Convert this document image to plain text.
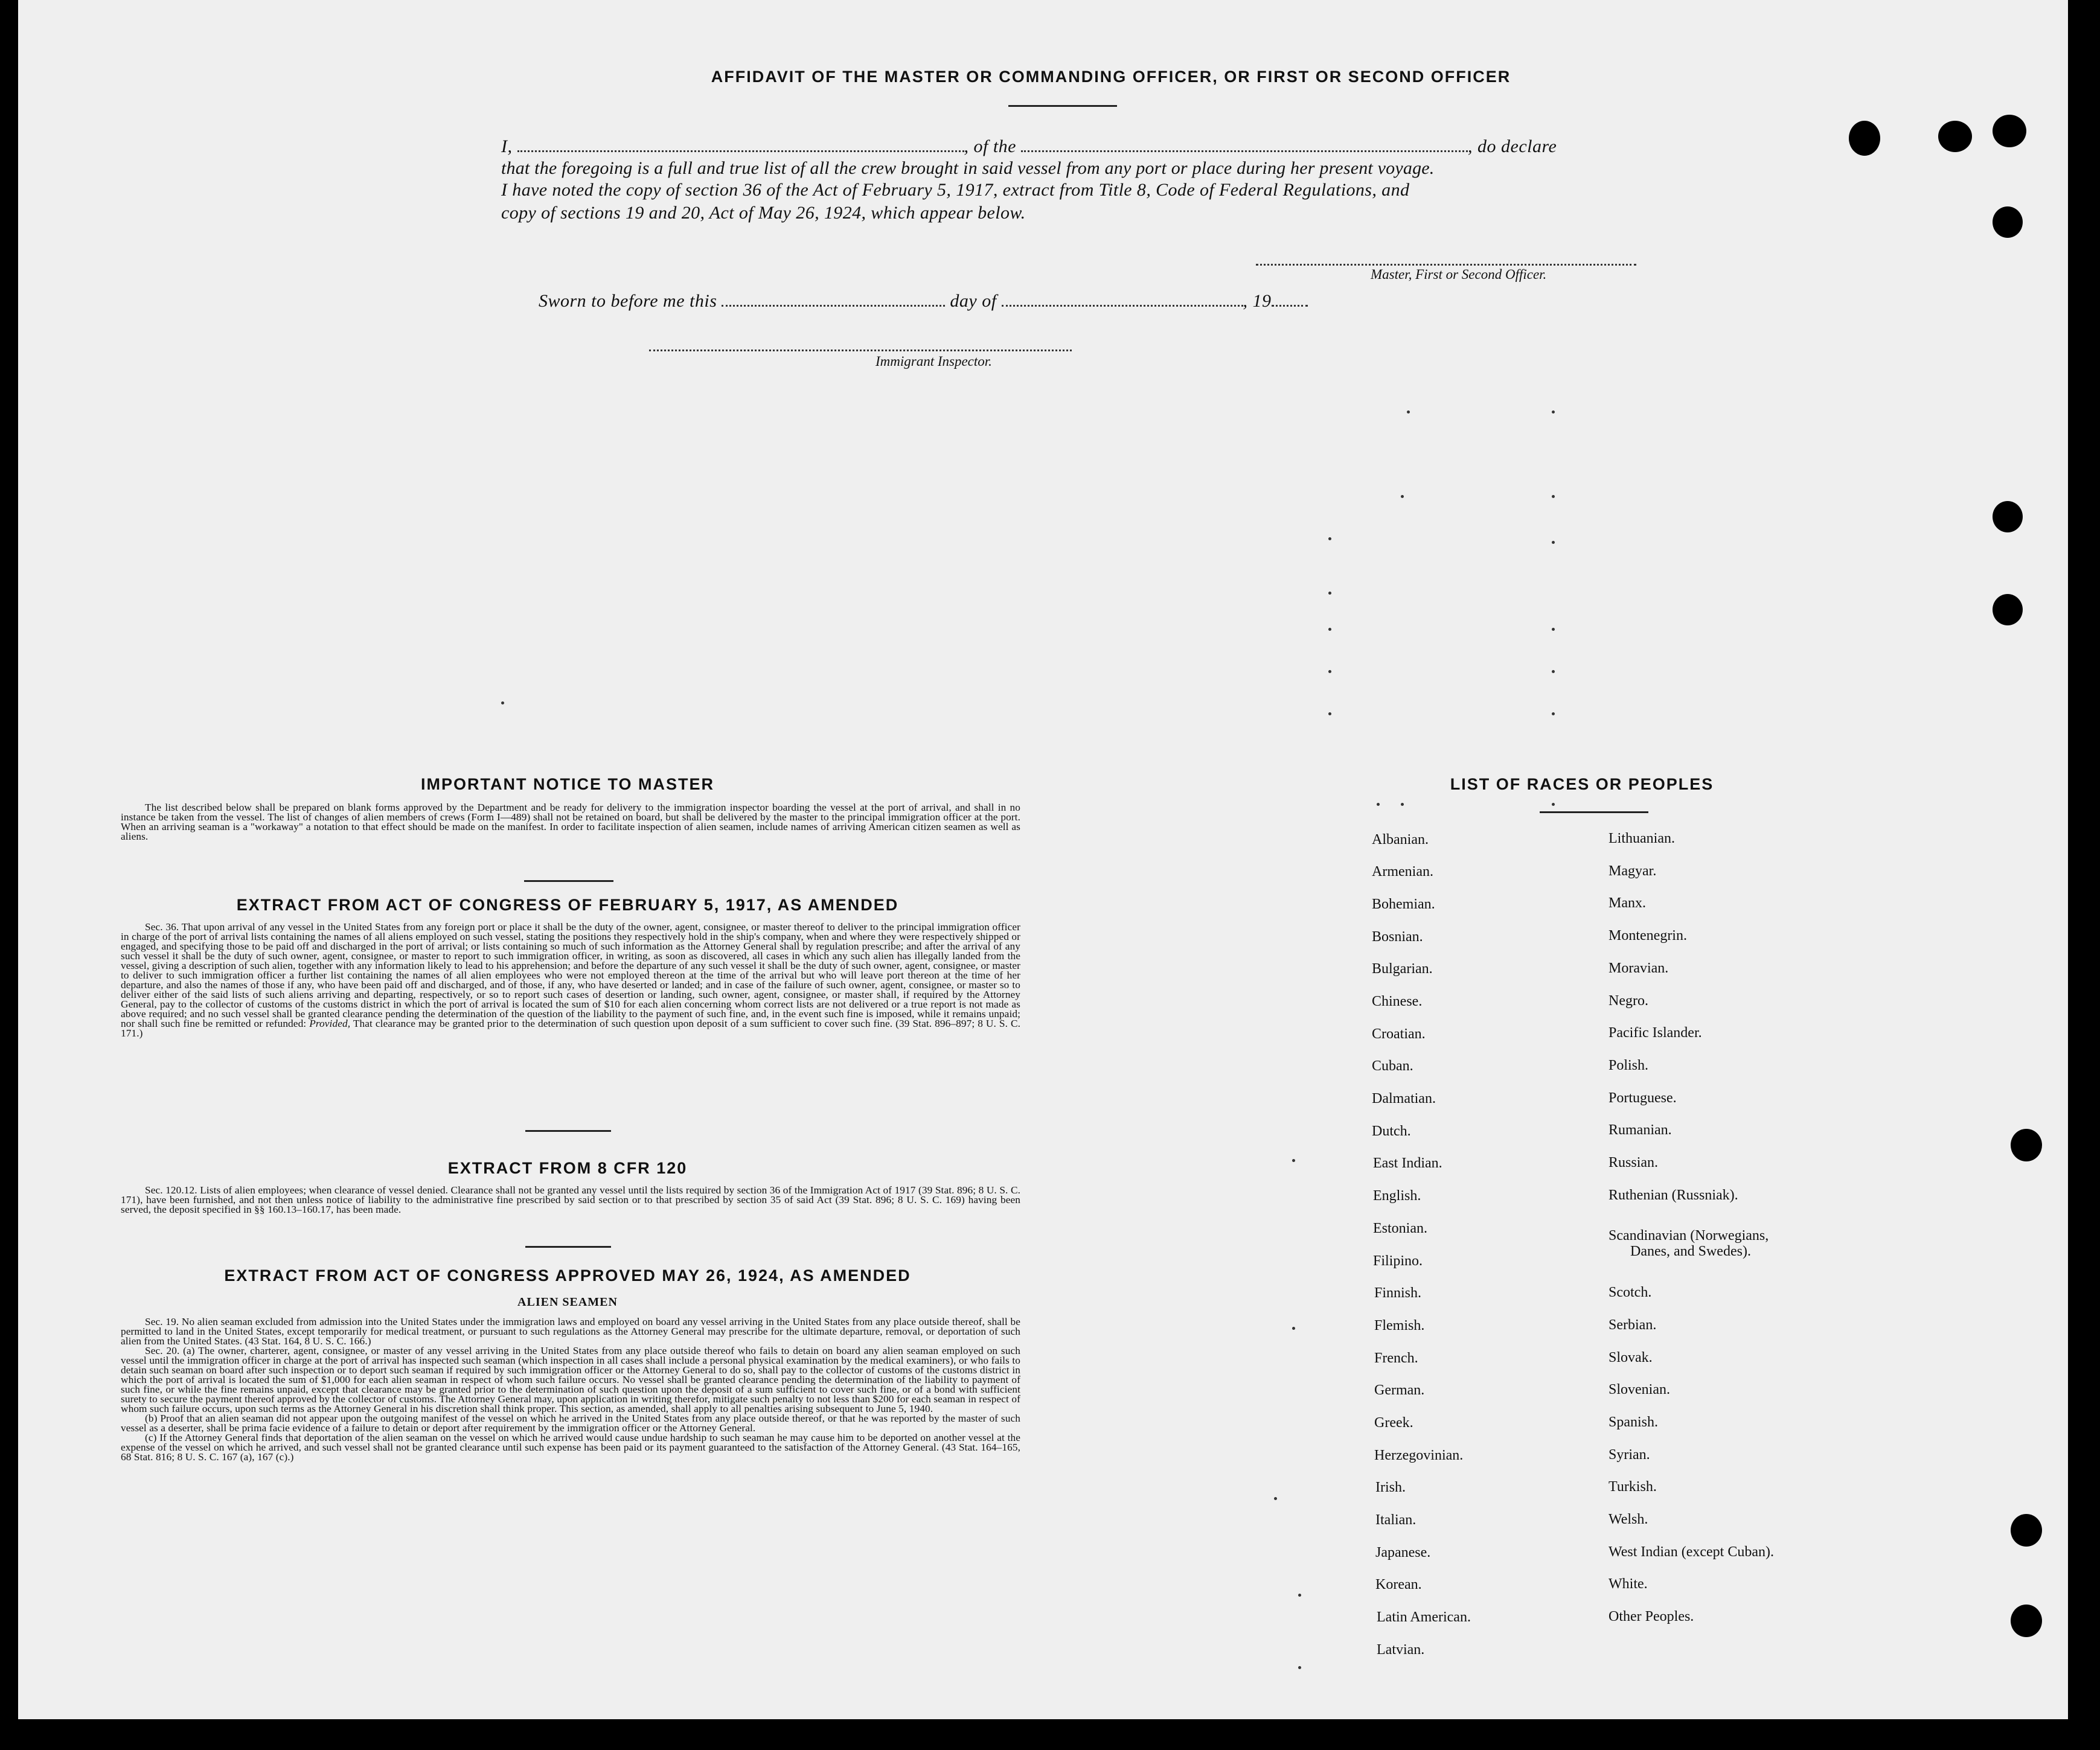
AFFIDAVIT OF THE MASTER OR COMMANDING OFFICER, OR FIRST OR SECOND OFFICER
I,	, of the	, do declare
that the foregoing is a full and true list of all the crew brought in said vessel from any port or place during her present voyage.
I have noted the copy of section 36 of the Act of February 5, 1917, extract from Title 8, Code of Federal Regulations, and
copy of sections 19 and 20, Act of May 26, 1924, which appear below.
Master, First or Second Officer.
Sworn to before me this	day of	, 19
Immigrant Inspector.
IMPORTANT NOTICE TO MASTER

The list described below shall be prepared on blank forms approved by the Department and be ready for delivery to the immigration inspector boarding the vessel at the port of arrival, and shall in no instance be taken from the vessel. The list of changes of alien members of crews (Form I—489) shall not be retained on board, but shall be delivered by the master to the principal immigration officer at the port. When an arriving seaman is a "workaway" a notation to that effect should be made on the manifest. In order to facilitate inspection of alien seamen, include names of arriving American citizen seamen as well as aliens.

EXTRACT FROM ACT OF CONGRESS OF FEBRUARY 5, 1917, AS AMENDED

Sec. 36. That upon arrival of any vessel in the United States from any foreign port or place it shall be the duty of the owner, agent, consignee, or master thereof to deliver to the principal immigration officer in charge of the port of arrival lists containing the names of all aliens employed on such vessel, stating the positions they respectively hold in the ship's company, when and where they were respectively shipped or engaged, and specifying those to be paid off and discharged in the port of arrival; or lists containing so much of such information as the Attorney General shall by regulation prescribe; and after the arrival of any such vessel it shall be the duty of such owner, agent, consignee, or master to report to such immigration officer, in writing, as soon as discovered, all cases in which any such alien has illegally landed from the vessel, giving a description of such alien, together with any information likely to lead to his apprehension; and before the departure of any such vessel it shall be the duty of such owner, agent, consignee, or master to deliver to such immigration officer a further list containing the names of all alien employees who were not employed thereon at the time of the arrival but who will leave port thereon at the time of her departure, and also the names of those if any, who have been paid off and discharged, and of those, if any, who have deserted or landed; and in case of the failure of such owner, agent, consignee, or master so to deliver either of the said lists of such aliens arriving and departing, respectively, or so to report such cases of desertion or landing, such owner, agent, consignee, or master shall, if required by the Attorney General, pay to the collector of customs of the customs district in which the port of arrival is located the sum of $10 for each alien concerning whom correct lists are not delivered or a true report is not made as above required; and no such vessel shall be granted clearance pending the determination of the question of the liability to the payment of such fine, and, in the event such fine is imposed, while it remains unpaid; nor shall such fine be remitted or refunded: Provided, That clearance may be granted prior to the determination of such question upon deposit of a sum sufficient to cover such fine. (39 Stat. 896–897; 8 U. S. C. 171.)

EXTRACT FROM 8 CFR 120

Sec. 120.12. Lists of alien employees; when clearance of vessel denied. Clearance shall not be granted any vessel until the lists required by section 36 of the Immigration Act of 1917 (39 Stat. 896; 8 U. S. C. 171), have been furnished, and not then unless notice of liability to the administrative fine prescribed by said section or to that prescribed by section 35 of said Act (39 Stat. 896; 8 U. S. C. 169) having been served, the deposit specified in §§ 160.13–160.17, has been made.

EXTRACT FROM ACT OF CONGRESS APPROVED MAY 26, 1924, AS AMENDED
ALIEN SEAMEN

Sec. 19. No alien seaman excluded from admission into the United States under the immigration laws and employed on board any vessel arriving in the United States from any place outside thereof, shall be permitted to land in the United States, except temporarily for medical treatment, or pursuant to such regulations as the Attorney General may prescribe for the ultimate departure, removal, or deportation of such alien from the United States. (43 Stat. 164, 8 U. S. C. 166.)

Sec. 20. (a) The owner, charterer, agent, consignee, or master of any vessel arriving in the United States from any place outside thereof who fails to detain on board any alien seaman employed on such vessel until the immigration officer in charge at the port of arrival has inspected such seaman (which inspection in all cases shall include a personal physical examination by the medical examiners), or who fails to detain such seaman on board after such inspection or to deport such seaman if required by such immigration officer or the Attorney General to do so, shall pay to the collector of customs of the customs district in which the port of arrival is located the sum of $1,000 for each alien seaman in respect of whom such failure occurs. No vessel shall be granted clearance pending the determination of the liability to payment of such fine, or while the fine remains unpaid, except that clearance may be granted prior to the determination of such question upon the deposit of a sum sufficient to cover such fine, or of a bond with sufficient surety to secure the payment thereof approved by the collector of customs. The Attorney General may, upon application in writing therefor, mitigate such penalty to not less than $200 for each seaman in respect of whom such failure occurs, upon such terms as the Attorney General in his discretion shall think proper. This section, as amended, shall apply to all penalties arising subsequent to June 5, 1940.

(b) Proof that an alien seaman did not appear upon the outgoing manifest of the vessel on which he arrived in the United States from any place outside thereof, or that he was reported by the master of such vessel as a deserter, shall be prima facie evidence of a failure to detain or deport after requirement by the immigration officer or the Attorney General.

(c) If the Attorney General finds that deportation of the alien seaman on the vessel on which he arrived would cause undue hardship to such seaman he may cause him to be deported on another vessel at the expense of the vessel on which he arrived, and such vessel shall not be granted clearance until such expense has been paid or its payment guaranteed to the satisfaction of the Attorney General. (43 Stat. 164–165, 68 Stat. 816; 8 U. S. C. 167 (a), 167 (c).)

LIST OF RACES OR PEOPLES
Albanian.
Armenian.
Bohemian.
Bosnian.
Bulgarian.
Chinese.
Croatian.
Cuban.
Dalmatian.
Dutch.
East Indian.
English.
Estonian.
Filipino.
Finnish.
Flemish.
French.
German.
Greek.
Herzegovinian.
Irish.
Italian.
Japanese.
Korean.
Latin American.
Latvian.
Lithuanian.
Magyar.
Manx.
Montenegrin.
Moravian.
Negro.
Pacific Islander.
Polish.
Portuguese.
Rumanian.
Russian.
Ruthenian (Russniak).
Scandinavian (Norwegians,
Danes, and Swedes).
Scotch.
Serbian.
Slovak.
Slovenian.
Spanish.
Syrian.
Turkish.
Welsh.
West Indian (except Cuban).
White.
Other Peoples.
